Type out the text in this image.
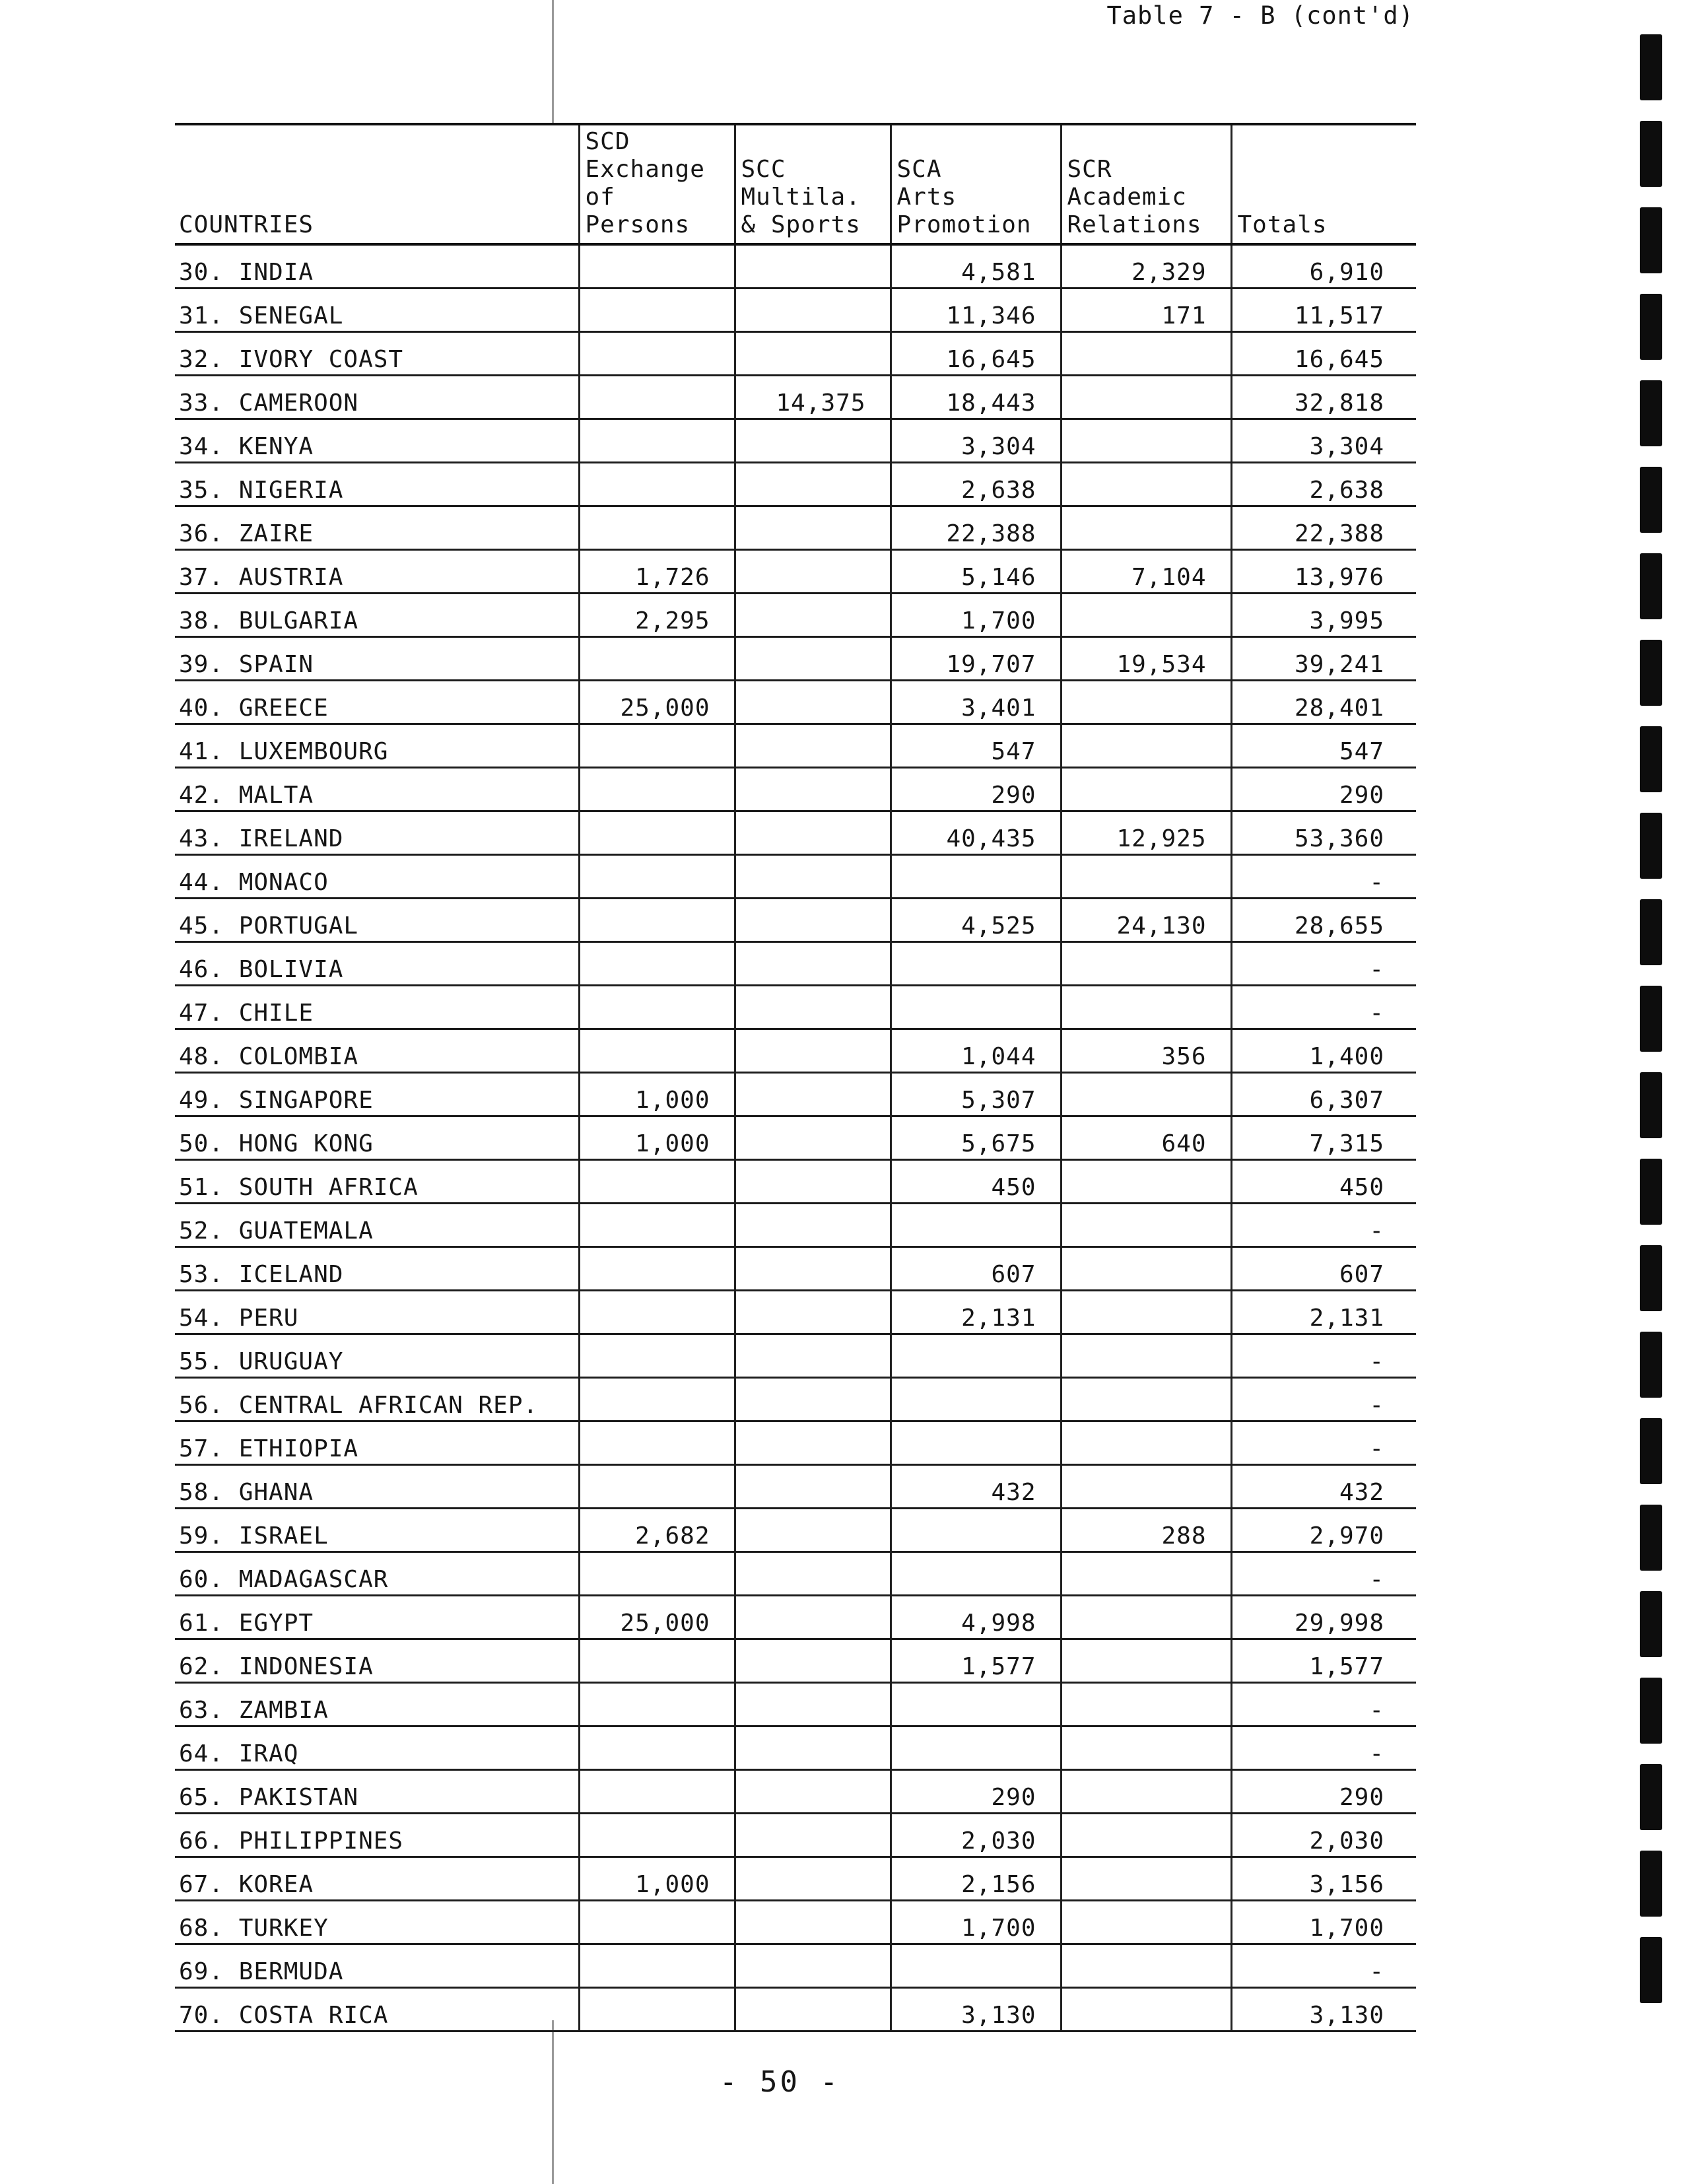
Table 7 - B (cont'd)
COUNTRIES	SCD
Exchange
of Persons	SCC
Multila.
& Sports	SCA
Arts
Promotion	SCR
Academic
Relations	Totals
30. INDIA			4,581	2,329	6,910
31. SENEGAL			11,346	171	11,517
32. IVORY COAST			16,645		16,645
33. CAMEROON		14,375	18,443		32,818
34. KENYA			3,304		3,304
35. NIGERIA			2,638		2,638
36. ZAIRE			22,388		22,388
37. AUSTRIA	1,726		5,146	7,104	13,976
38. BULGARIA	2,295		1,700		3,995
39. SPAIN			19,707	19,534	39,241
40. GREECE	25,000		3,401		28,401
41. LUXEMBOURG			547		547
42. MALTA			290		290
43. IRELAND			40,435	12,925	53,360
44. MONACO					-
45. PORTUGAL			4,525	24,130	28,655
46. BOLIVIA					-
47. CHILE					-
48. COLOMBIA			1,044	356	1,400
49. SINGAPORE	1,000		5,307		6,307
50. HONG KONG	1,000		5,675	640	7,315
51. SOUTH AFRICA			450		450
52. GUATEMALA					-
53. ICELAND			607		607
54. PERU			2,131		2,131
55. URUGUAY					-
56. CENTRAL AFRICAN REP.					-
57. ETHIOPIA					-
58. GHANA			432		432
59. ISRAEL	2,682			288	2,970
60. MADAGASCAR					-
61. EGYPT	25,000		4,998		29,998
62. INDONESIA			1,577		1,577
63. ZAMBIA					-
64. IRAQ					-
65. PAKISTAN			290		290
66. PHILIPPINES			2,030		2,030
67. KOREA	1,000		2,156		3,156
68. TURKEY			1,700		1,700
69. BERMUDA					-
70. COSTA RICA			3,130		3,130
- 50 -
